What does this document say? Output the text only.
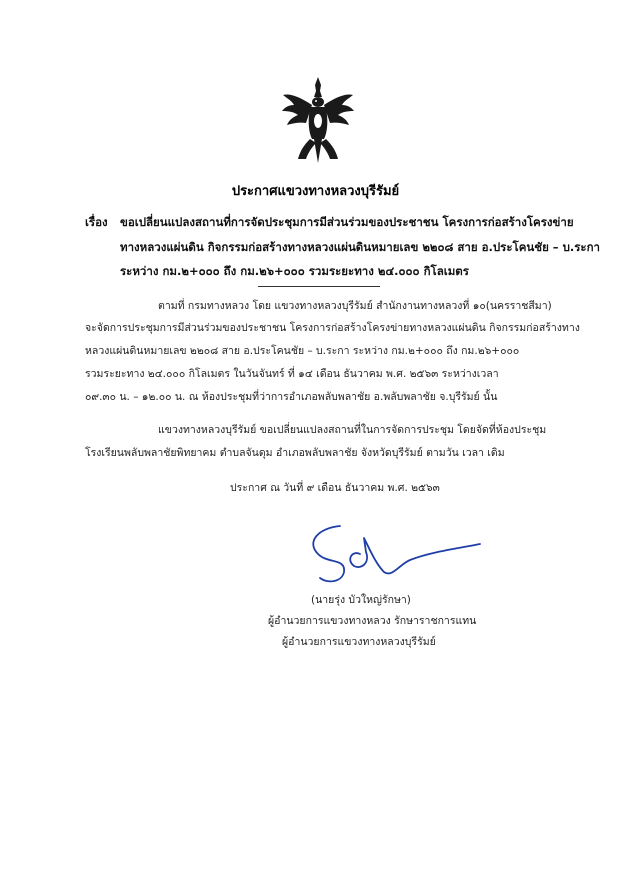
ประกาศแขวงทางหลวงบุรีรัมย์
เรื่อง ขอเปลี่ยนแปลงสถานที่การจัดประชุมการมีส่วนร่วมของประชาชน โครงการก่อสร้างโครงข่าย
ทางหลวงแผ่นดิน กิจกรรมก่อสร้างทางหลวงแผ่นดินหมายเลข ๒๒๐๘ สาย อ.ประโคนชัย – บ.ระกา
ระหว่าง กม.๒+๐๐๐ ถึง กม.๒๖+๐๐๐ รวมระยะทาง ๒๔.๐๐๐ กิโลเมตร
ตามที่ กรมทางหลวง โดย แขวงทางหลวงบุรีรัมย์ สำนักงานทางหลวงที่ ๑๐(นครราชสีมา)
จะจัดการประชุมการมีส่วนร่วมของประชาชน โครงการก่อสร้างโครงข่ายทางหลวงแผ่นดิน กิจกรรมก่อสร้างทาง
หลวงแผ่นดินหมายเลข ๒๒๐๘ สาย อ.ประโคนชัย – บ.ระกา ระหว่าง กม.๒+๐๐๐ ถึง กม.๒๖+๐๐๐
รวมระยะทาง ๒๔.๐๐๐ กิโลเมตร ในวันจันทร์ ที่ ๑๔ เดือน ธันวาคม พ.ศ. ๒๕๖๓ ระหว่างเวลา
๐๙.๓๐ น. – ๑๒.๐๐ น. ณ ห้องประชุมที่ว่าการอำเภอพลับพลาชัย อ.พลับพลาชัย จ.บุรีรัมย์ นั้น
แขวงทางหลวงบุรีรัมย์ ขอเปลี่ยนแปลงสถานที่ในการจัดการประชุม โดยจัดที่ห้องประชุม
โรงเรียนพลับพลาชัยพิทยาคม ตำบลจันดุม อำเภอพลับพลาชัย จังหวัดบุรีรัมย์ ตามวัน เวลา เดิม
ประกาศ ณ วันที่ ๙ เดือน ธันวาคม พ.ศ. ๒๕๖๓
(นายรุ่ง บัวใหญ่รักษา)
ผู้อำนวยการแขวงทางหลวง รักษาราชการแทน
ผู้อำนวยการแขวงทางหลวงบุรีรัมย์
